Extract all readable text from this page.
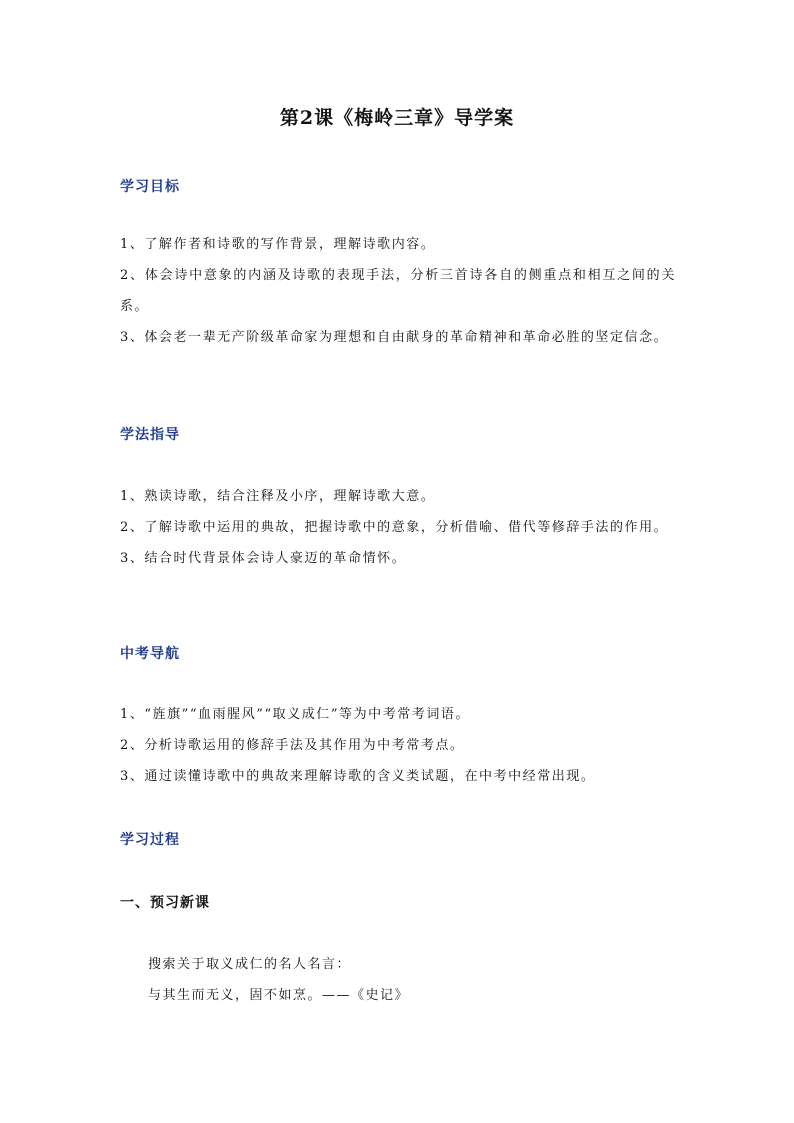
第2课《梅岭三章》导学案
学习目标
1、了解作者和诗歌的写作背景，理解诗歌内容。
2、体会诗中意象的内涵及诗歌的表现手法，分析三首诗各自的侧重点和相互之间的关系。
3、体会老一辈无产阶级革命家为理想和自由献身的革命精神和革命必胜的坚定信念。
学法指导
1、熟读诗歌，结合注释及小序，理解诗歌大意。
2、了解诗歌中运用的典故，把握诗歌中的意象，分析借喻、借代等修辞手法的作用。
3、结合时代背景体会诗人豪迈的革命情怀。
中考导航
1、“旌旗”“血雨腥风”“取义成仁”等为中考常考词语。
2、分析诗歌运用的修辞手法及其作用为中考常考点。
3、通过读懂诗歌中的典故来理解诗歌的含义类试题，在中考中经常出现。
学习过程
一、预习新课

搜索关于取义成仁的名人名言：

与其生而无义，固不如烹。——《史记》
